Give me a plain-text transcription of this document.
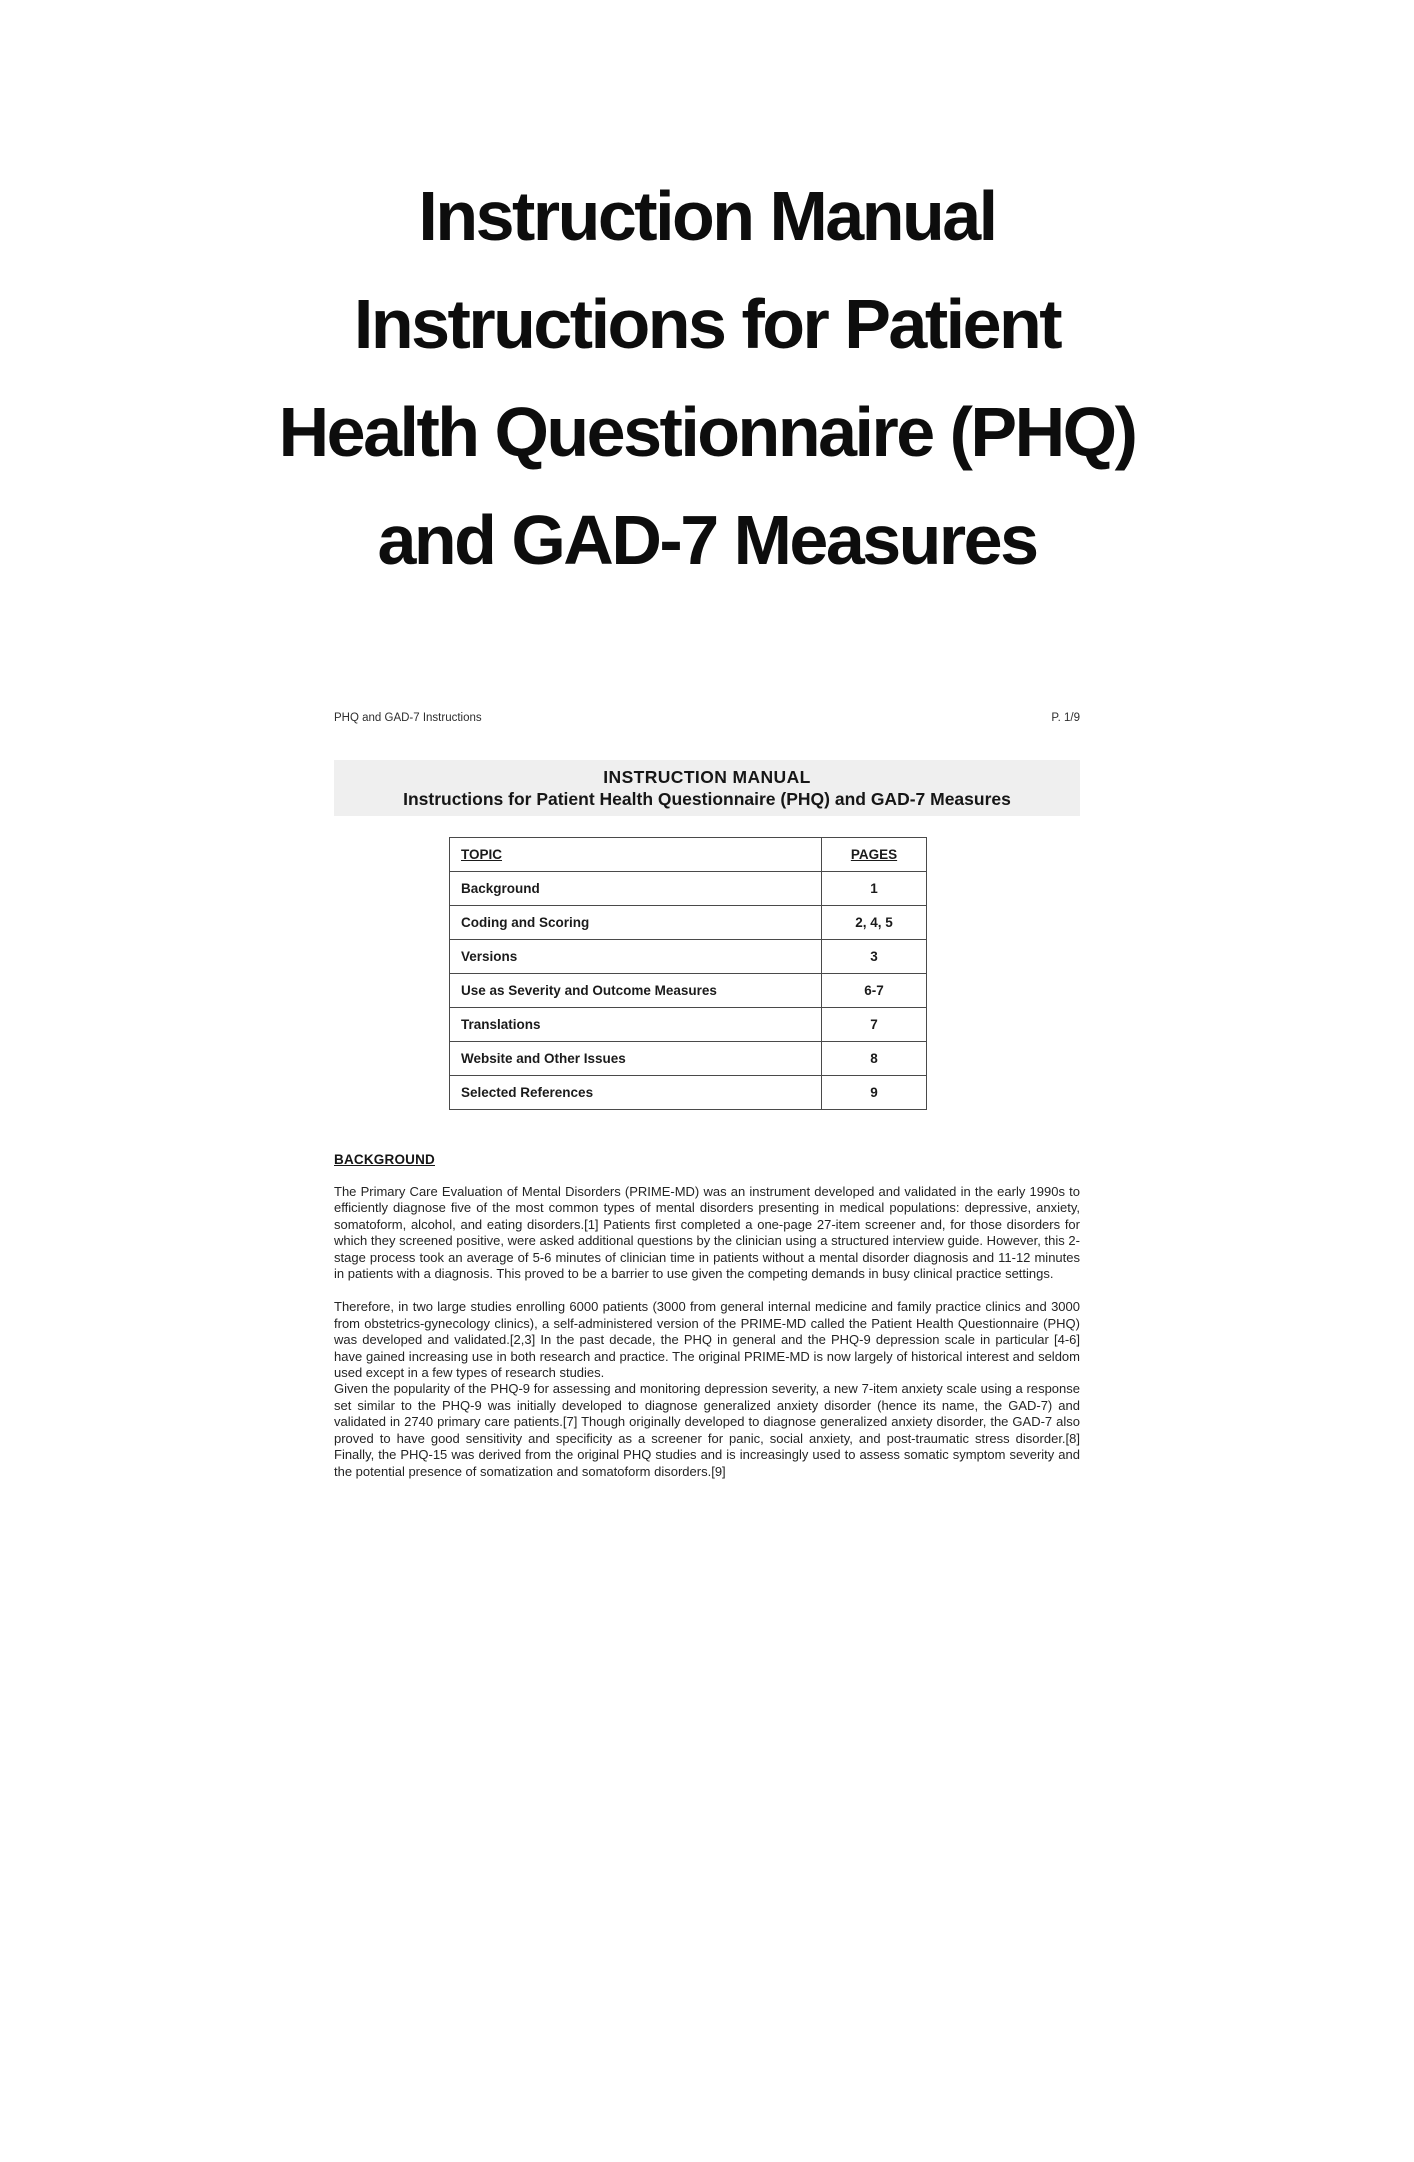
Instruction Manual
Instructions for Patient
Health Questionnaire (PHQ)
and GAD-7 Measures
PHQ and GAD-7 Instructions	P. 1/9
INSTRUCTION MANUAL
Instructions for Patient Health Questionnaire (PHQ) and GAD-7 Measures
TOPIC	PAGES
Background	1
Coding and Scoring	2, 4, 5
Versions	3
Use as Severity and Outcome Measures	6-7
Translations	7
Website and Other Issues	8
Selected References	9
BACKGROUND

The Primary Care Evaluation of Mental Disorders (PRIME-MD) was an instrument developed and validated in the early 1990s to efficiently diagnose five of the most common types of mental disorders presenting in medical populations: depressive, anxiety, somatoform, alcohol, and eating disorders.[1] Patients first completed a one-page 27-item screener and, for those disorders for which they screened positive, were asked additional questions by the clinician using a structured interview guide. However, this 2-stage process took an average of 5-6 minutes of clinician time in patients without a mental disorder diagnosis and 11-12 minutes in patients with a diagnosis. This proved to be a barrier to use given the competing demands in busy clinical practice settings.

Therefore, in two large studies enrolling 6000 patients (3000 from general internal medicine and family practice clinics and 3000 from obstetrics-gynecology clinics), a self-administered version of the PRIME-MD called the Patient Health Questionnaire (PHQ) was developed and validated.[2,3] In the past decade, the PHQ in general and the PHQ-9 depression scale in particular [4-6] have gained increasing use in both research and practice. The original PRIME-MD is now largely of historical interest and seldom used except in a few types of research studies.

Given the popularity of the PHQ-9 for assessing and monitoring depression severity, a new 7-item anxiety scale using a response set similar to the PHQ-9 was initially developed to diagnose generalized anxiety disorder (hence its name, the GAD-7) and validated in 2740 primary care patients.[7] Though originally developed to diagnose generalized anxiety disorder, the GAD-7 also proved to have good sensitivity and specificity as a screener for panic, social anxiety, and post-traumatic stress disorder.[8] Finally, the PHQ-15 was derived from the original PHQ studies and is increasingly used to assess somatic symptom severity and the potential presence of somatization and somatoform disorders.[9]
